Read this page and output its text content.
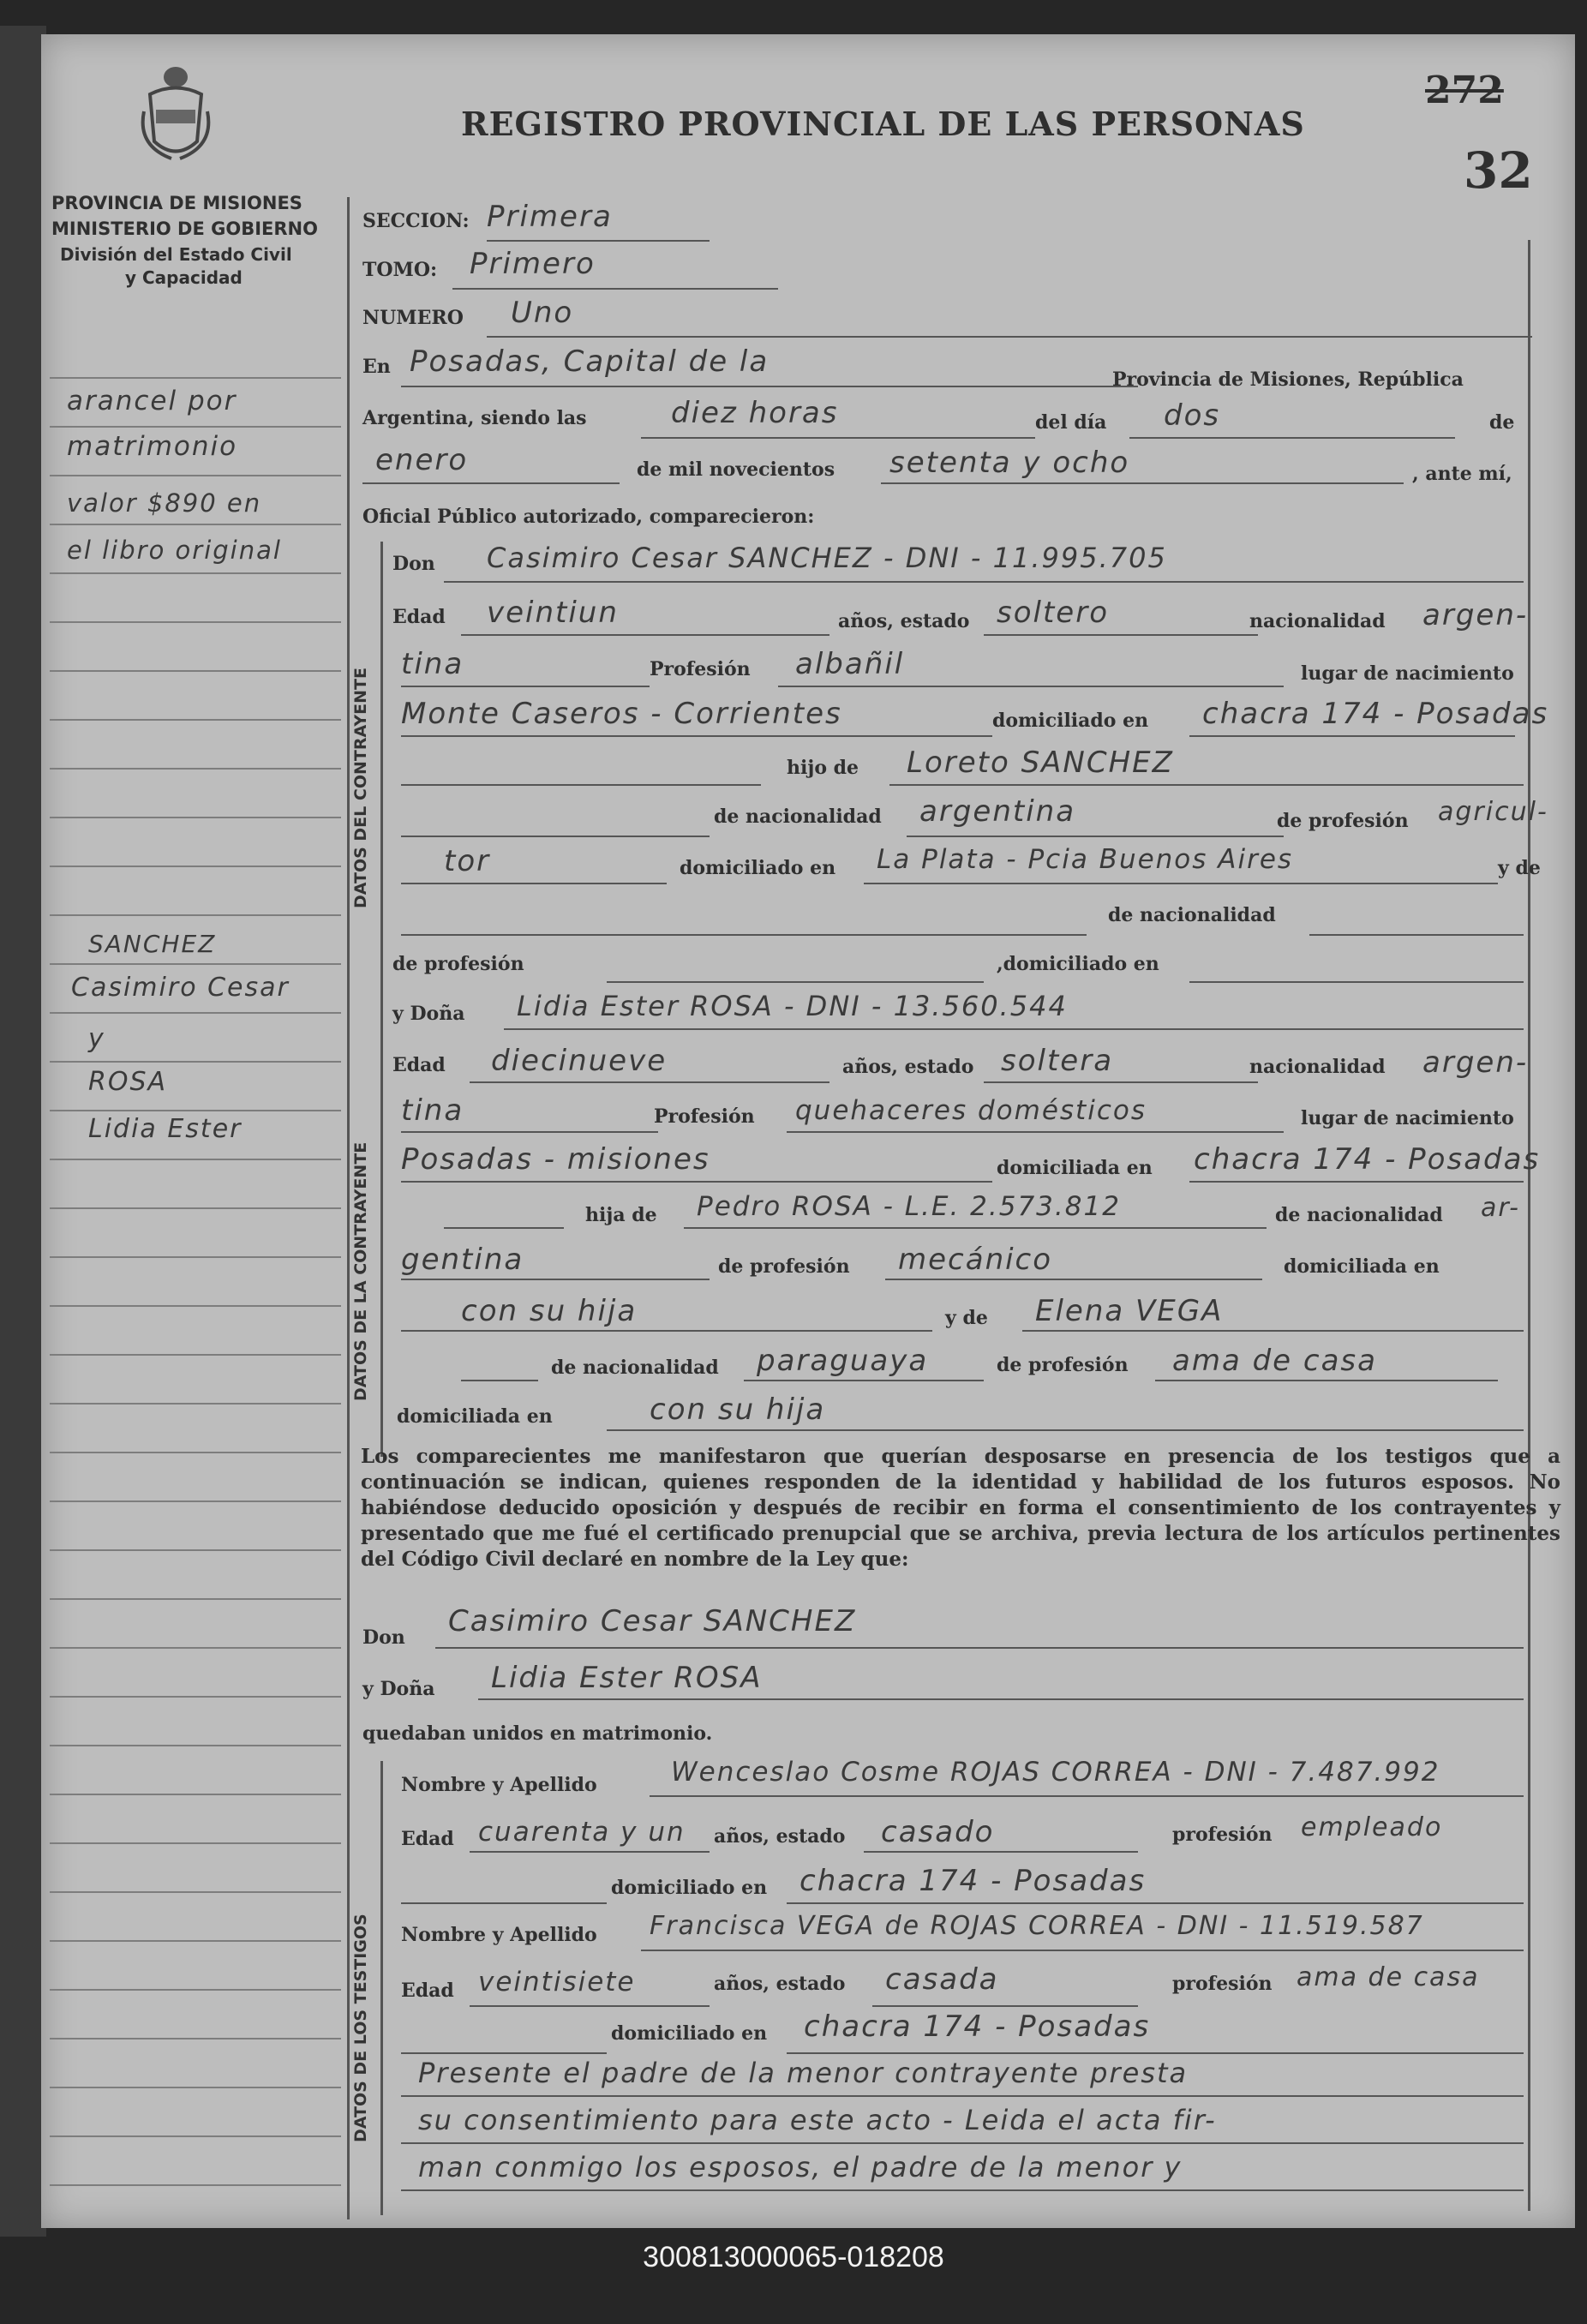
PROVINCIA DE MISIONES
MINISTERIO DE GOBIERNO
División del Estado Civil
y Capacidad
REGISTRO PROVINCIAL DE LAS PERSONAS
272
32
arancel por
matrimonio
valor $890 en
el libro original
SANCHEZ
Casimiro Cesar
y
ROSA
Lidia Ester
SECCION: Primera
TOMO: Primero
NUMERO Uno
En Posadas, Capital de la
Provincia de Misiones, República
Argentina, siendo las	diez horas	del día dos	de
enero	de mil novecientos setenta y ocho	, ante mí,
Oficial Público autorizado, comparecieron:
DATOS DEL CONTRAYENTE
Don Casimiro Cesar SANCHEZ - DNI - 11.995.705
Edad veintiun	años, estado soltero	nacionalidad argen-
tina	Profesión albañil	lugar de nacimiento
Monte Caseros - Corrientes	domiciliado en chacra 174 - Posadas
hijo de Loreto SANCHEZ
de nacionalidad argentina	de profesión agricul-
tor	domiciliado en La Plata - Pcia Buenos Aires	y de
de nacionalidad
de profesión	,domiciliado en
DATOS DE LA CONTRAYENTE
y Doña Lidia Ester ROSA - DNI - 13.560.544
Edad diecinueve	años, estado soltera	nacionalidad argen-
tina	Profesión quehaceres domésticos	lugar de nacimiento
Posadas - misiones	domiciliada en chacra 174 - Posadas
hija de Pedro ROSA - L.E. 2.573.812	de nacionalidad ar-
gentina	de profesión mecánico	domiciliada en
con su hija	y de Elena VEGA
de nacionalidad paraguaya	de profesión ama de casa
domiciliada en	con su hija
Los comparecientes me manifestaron que querían desposarse en presencia de los testigos que a continuación se indican, quienes responden de la identidad y habilidad de los futuros esposos. No habiéndose deducido oposición y después de recibir en forma el consentimiento de los contrayentes y presentado que me fué el certificado prenupcial que se archiva, previa lectura de los artículos pertinentes del Código Civil declaré en nombre de la Ley que:
Don Casimiro Cesar SANCHEZ
y Doña Lidia Ester ROSA
quedaban unidos en matrimonio.
DATOS DE LOS TESTIGOS
Nombre y Apellido	Wenceslao Cosme ROJAS CORREA - DNI - 7.487.992
Edad cuarenta y un años, estado casado	profesión empleado
domiciliado en chacra 174 - Posadas
Nombre y Apellido Francisca VEGA de ROJAS CORREA - DNI - 11.519.587
Edad veintisiete	años, estado casada	profesión ama de casa
domiciliado en chacra 174 - Posadas
Presente el padre de la menor contrayente presta
su consentimiento para este acto - Leida el acta fir-
man conmigo los esposos, el padre de la menor y
300813000065-018208
